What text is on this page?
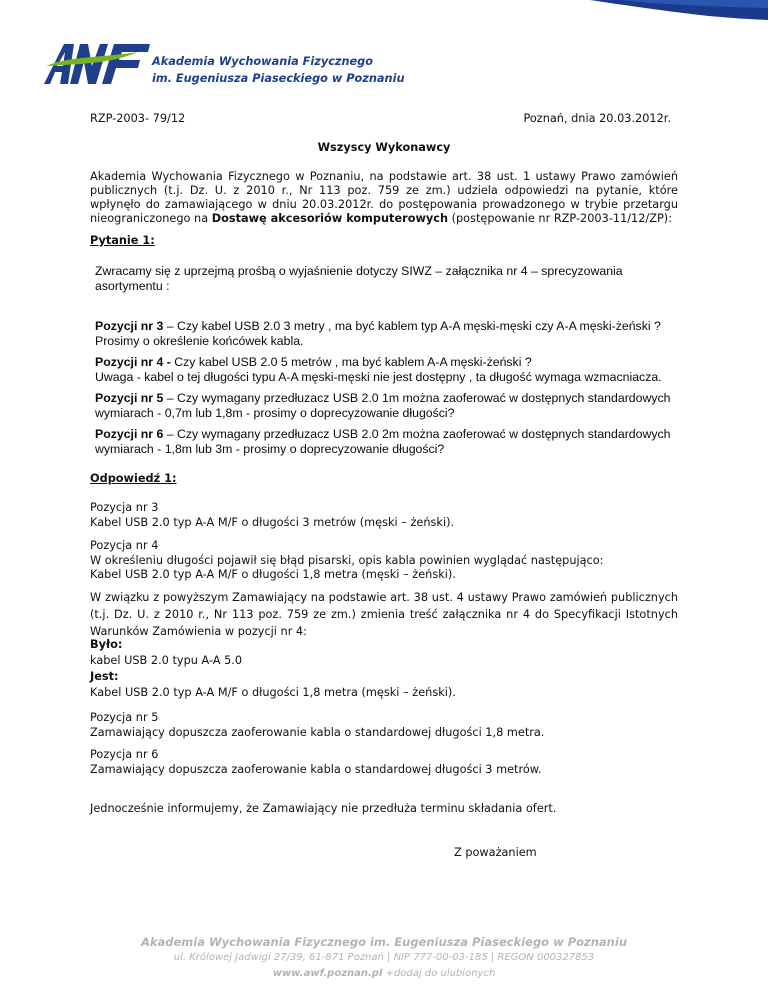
Akademia Wychowania Fizycznego
im. Eugeniusza Piaseckiego w Poznaniu
RZP-2003- 79/12	Poznań, dnia 20.03.2012r.
Wszyscy Wykonawcy
Akademia Wychowania Fizycznego w Poznaniu, na podstawie art. 38 ust. 1 ustawy Prawo zamówień publicznych (t.j. Dz. U. z 2010 r., Nr 113 poz. 759 ze zm.) udziela odpowiedzi na pytanie, które wpłynęło do zamawiającego w dniu 20.03.2012r. do postępowania prowadzonego w trybie przetargu nieograniczonego na Dostawę akcesoriów komputerowych (postępowanie nr RZP-2003-11/12/ZP):
Pytanie 1:
Zwracamy się z uprzejmą prośbą o wyjaśnienie dotyczy SIWZ – załącznika nr 4 – sprecyzowania asortymentu :
Pozycji nr 3 – Czy kabel USB 2.0 3 metry , ma być kablem typ A-A męski-męski czy A-A męski-żeński ?
Prosimy o określenie końcówek kabla.
Pozycji nr 4 - Czy kabel USB 2.0 5 metrów , ma być kablem A-A męski-żeński ?
Uwaga - kabel o tej długości typu A-A męski-męski nie jest dostępny , ta długość wymaga wzmacniacza.
Pozycji nr 5 – Czy wymagany przedłuzacz USB 2.0 1m można zaoferować w dostępnych standardowych wymiarach - 0,7m lub 1,8m - prosimy o doprecyzowanie długości?
Pozycji nr 6 – Czy wymagany przedłuzacz USB 2.0 2m można zaoferować w dostępnych standardowych wymiarach - 1,8m lub 3m - prosimy o doprecyzowanie długości?
Odpowiedź 1:
Pozycja nr 3
Kabel USB 2.0 typ A-A M/F o długości 3 metrów (męski – żeński).
Pozycja nr 4
W określeniu długości pojawił się błąd pisarski, opis kabla powinien wyglądać następująco:
Kabel USB 2.0 typ A-A M/F o długości 1,8 metra (męski – żeński).
W związku z powyższym Zamawiający na podstawie art. 38 ust. 4 ustawy Prawo zamówień publicznych (t.j. Dz. U. z 2010 r., Nr 113 poz. 759 ze zm.) zmienia treść załącznika nr 4 do Specyfikacji Istotnych Warunków Zamówienia w pozycji nr 4:
Było:
kabel USB 2.0 typu A-A 5.0
Jest:
Kabel USB 2.0 typ A-A M/F o długości 1,8 metra (męski – żeński).
Pozycja nr 5
Zamawiający dopuszcza zaoferowanie kabla o standardowej długości 1,8 metra.
Pozycja nr 6
Zamawiający dopuszcza zaoferowanie kabla o standardowej długości 3 metrów.
Jednocześnie informujemy, że Zamawiający nie przedłuża terminu składania ofert.
Z poważaniem
Akademia Wychowania Fizycznego im. Eugeniusza Piaseckiego w Poznaniu
ul. Królowej Jadwigi 27/39, 61-871 Poznań | NIP 777-00-03-185 | REGON 000327853
www.awf.poznan.pl +dodaj do ulubionych
